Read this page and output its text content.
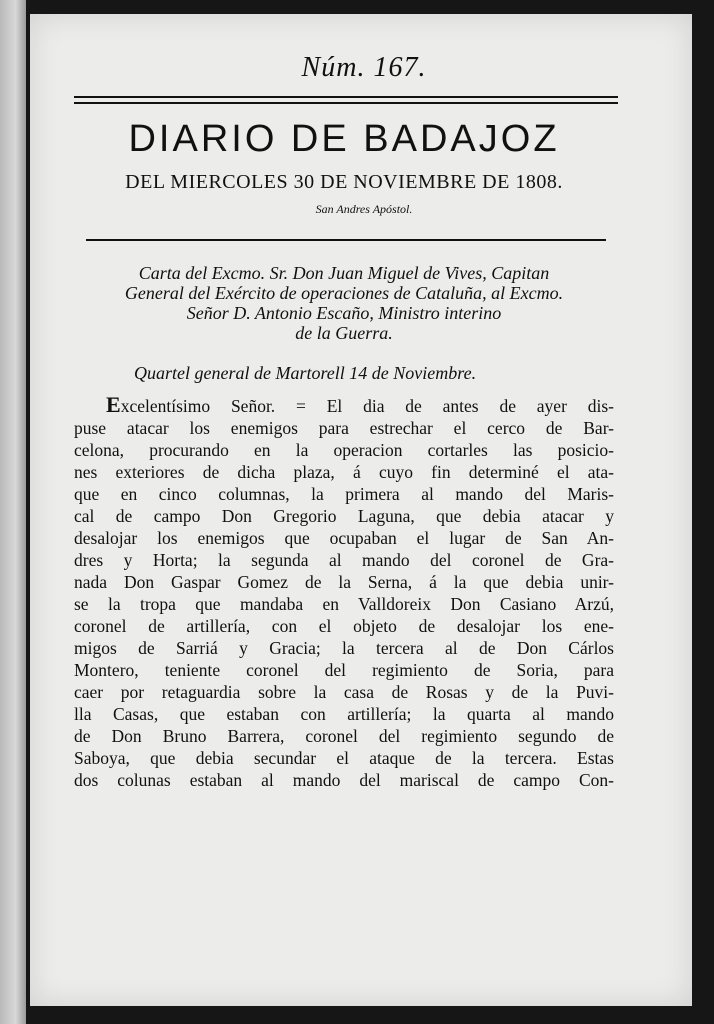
Núm. 167.
DIARIO DE BADAJOZ
DEL MIERCOLES 30 DE NOVIEMBRE DE 1808.
San Andres Apóstol.
Carta del Excmo. Sr. Don Juan Miguel de Vives, Capitan
General del Exército de operaciones de Cataluña, al Excmo.
Señor D. Antonio Escaño, Ministro interino
de la Guerra.
Quartel general de Martorell 14 de Noviembre.
Excelentísimo Señor. = El dia de antes de ayer dis-
puse atacar los enemigos para estrechar el cerco de Bar-
celona, procurando en la operacion cortarles las posicio-
nes exteriores de dicha plaza, á cuyo fin determiné el ata-
que en cinco columnas, la primera al mando del Maris-
cal de campo Don Gregorio Laguna, que debia atacar y
desalojar los enemigos que ocupaban el lugar de San An-
dres y Horta; la segunda al mando del coronel de Gra-
nada Don Gaspar Gomez de la Serna, á la que debia unir-
se la tropa que mandaba en Valldoreix Don Casiano Arzú,
coronel de artillería, con el objeto de desalojar los ene-
migos de Sarriá y Gracia; la tercera al de Don Cárlos
Montero, teniente coronel del regimiento de Soria, para
caer por retaguardia sobre la casa de Rosas y de la Puvi-
lla Casas, que estaban con artillería; la quarta al mando
de Don Bruno Barrera, coronel del regimiento segundo de
Saboya, que debia secundar el ataque de la tercera. Estas
dos colunas estaban al mando del mariscal de campo Con-
